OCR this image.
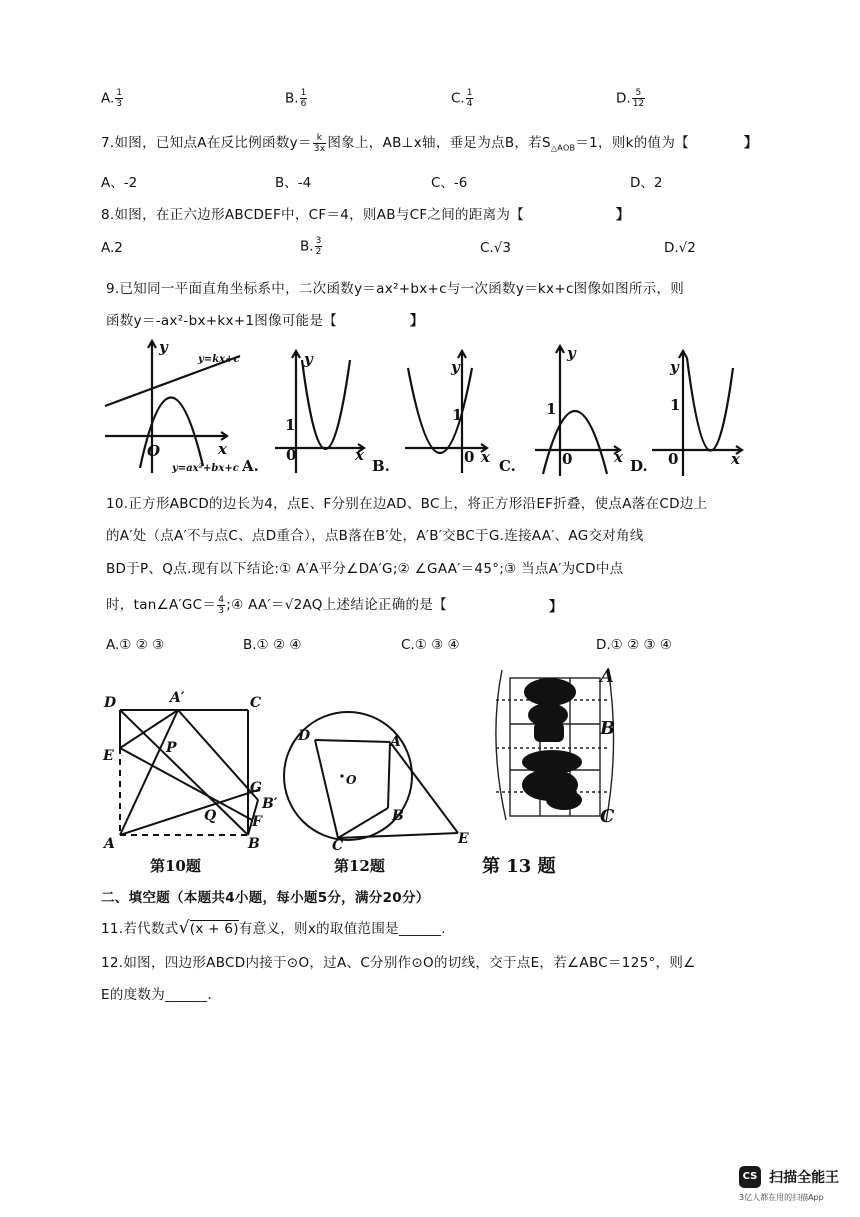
A. $\frac{1}{3}$	B. $\frac{1}{6}$	C. $\frac{1}{4}$	D. $\frac{5}{12}$
7.如图，已知点A在反比例函数$y= \frac{k}{3x}$ 图象上，AB⊥x轴，垂足为点B，若$S_{\triangle AOB}=1$，则k的值为【	】
A、-2	B、-4	C、-6	D、2
8.如图，在正六边形ABCDEF中，CF＝4，则AB与CF之间的距离为【	】
A.2	B. $\frac{3}{2}$	C.√3	D.√2
9.已知同一平面直角坐标系中，二次函数y＝ax²+bx+c与一次函数y＝kx+c图像如图所示，则
函数y＝-ax²-bx+kx+1图像可能是【	】
y
x
O
y=kx+c
y=ax²+bx+c A.
y
1
0	x
B.
y
1
0 x C.
y
1
0	x D.
y
1
0	x
10.正方形ABCD的边长为4，点E、F分别在边AD、BC上，将正方形沿EF折叠，使点A落在CD边上
的A′处（点A′不与点C、点D重合），点B落在B′处，A′B′交BC于G.连接AA′、AG交对角线
BD于P、Q点.现有以下结论:① A′A平分∠DA′G;② ∠GAA′＝45°;③ 当点A′为CD中点
时，tan∠A′GC＝ $\frac{4}{3}$ ;④ AA′＝√2AQ上述结论正确的是【	】
A.① ② ③	B.① ② ④	C.① ③ ④	D.① ② ③ ④
D	A′	C
E	P
G
B′
Q	F
A	B
第10题
D	A
O
B
C	E
第12题
A
B
C
第 13 题
二、填空题（本题共4小题，每小题5分，满分20分）
11.若代数式√(x + 6)有意义，则x的取值范围是______.
12.如图，四边形ABCD内接于⊙O，过A、C分别作⊙O的切线，交于点E，若∠ABC＝125°，则∠
E的度数为______.
CS 扫描全能王
3亿人都在用的扫描App
